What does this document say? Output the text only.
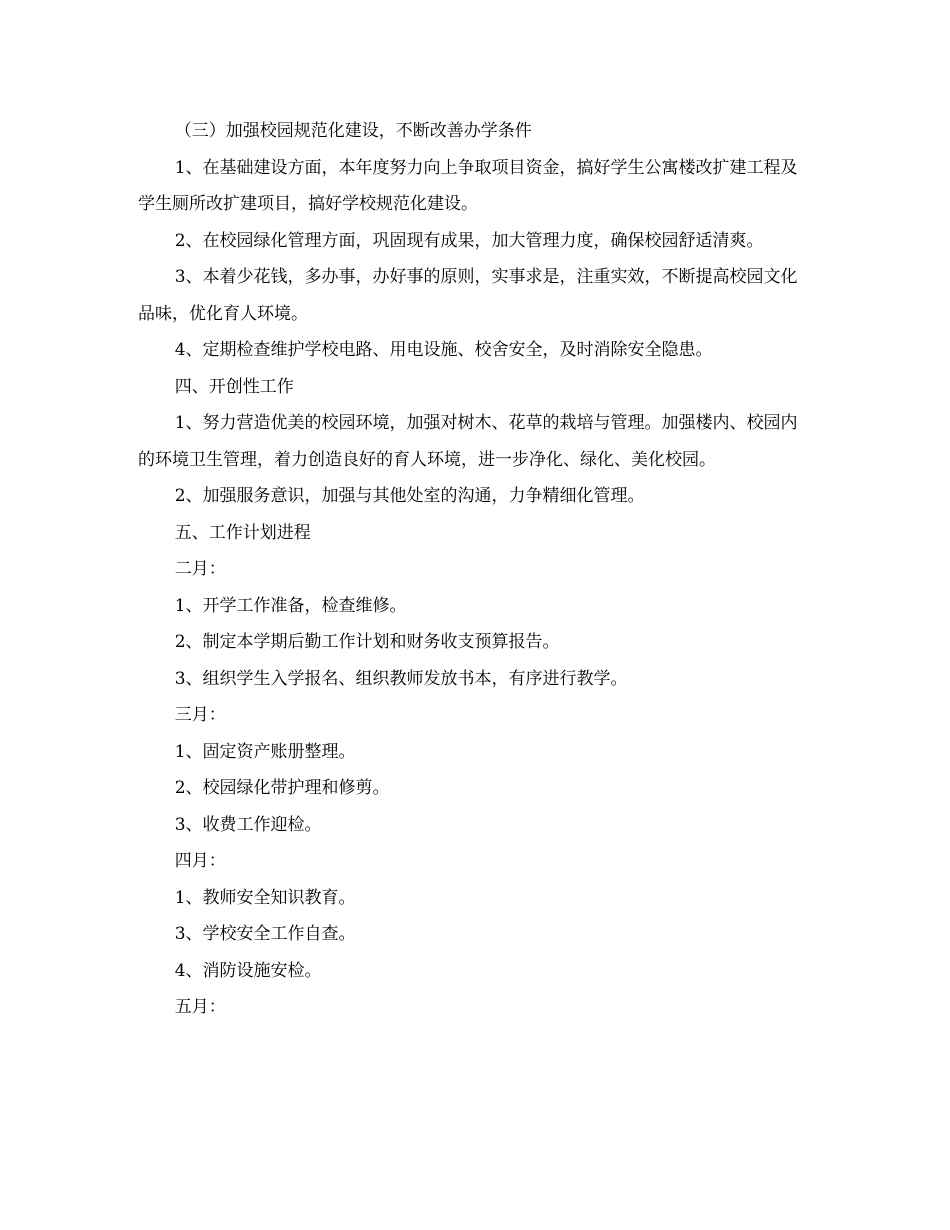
（三）加强校园规范化建设，不断改善办学条件

1、在基础建设方面，本年度努力向上争取项目资金，搞好学生公寓楼改扩建工程及学生厕所改扩建项目，搞好学校规范化建设。

2、在校园绿化管理方面，巩固现有成果，加大管理力度，确保校园舒适清爽。

3、本着少花钱，多办事，办好事的原则，实事求是，注重实效，不断提高校园文化品味，优化育人环境。

4、定期检查维护学校电路、用电设施、校舍安全，及时消除安全隐患。

四、开创性工作

1、努力营造优美的校园环境，加强对树木、花草的栽培与管理。加强楼内、校园内的环境卫生管理，着力创造良好的育人环境，进一步净化、绿化、美化校园。

2、加强服务意识，加强与其他处室的沟通，力争精细化管理。

五、工作计划进程

二月：

1、开学工作准备，检查维修。

2、制定本学期后勤工作计划和财务收支预算报告。

3、组织学生入学报名、组织教师发放书本，有序进行教学。

三月：

1、固定资产账册整理。

2、校园绿化带护理和修剪。

3、收费工作迎检。

四月：

1、教师安全知识教育。

3、学校安全工作自查。

4、消防设施安检。

五月：
